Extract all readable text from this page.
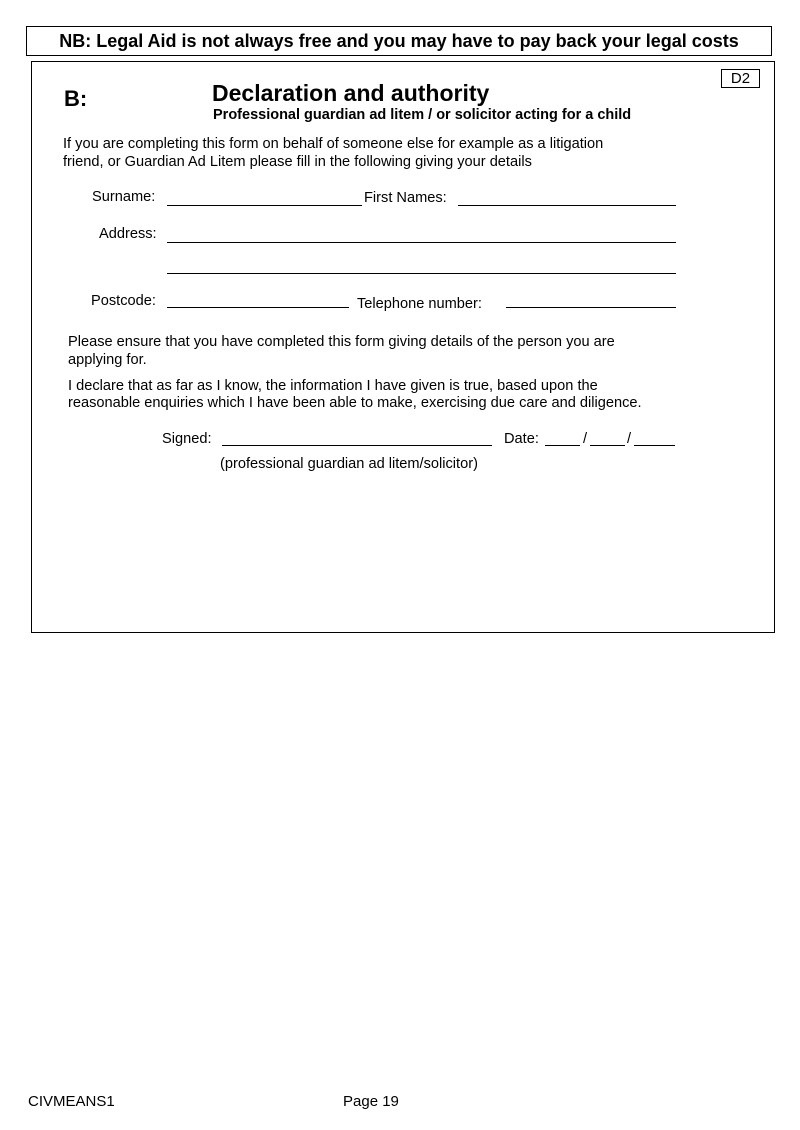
NB: Legal Aid is not always free and you may have to pay back your legal costs
D2
B:	Declaration and authority
Professional guardian ad litem / or solicitor acting for a child
If you are completing this form on behalf of someone else for example as a litigation
friend, or Guardian Ad Litem please fill in the following giving your details
Surname:	First Names:
Address:
Postcode:	Telephone number:
Please ensure that you have completed this form giving details of the person you are
applying for.
I declare that as far as I know, the information I have given is true, based upon the
reasonable enquiries which I have been able to make, exercising due care and diligence.
Signed:	Date:	/	/
(professional guardian ad litem/solicitor)
CIVMEANS1	Page 19
